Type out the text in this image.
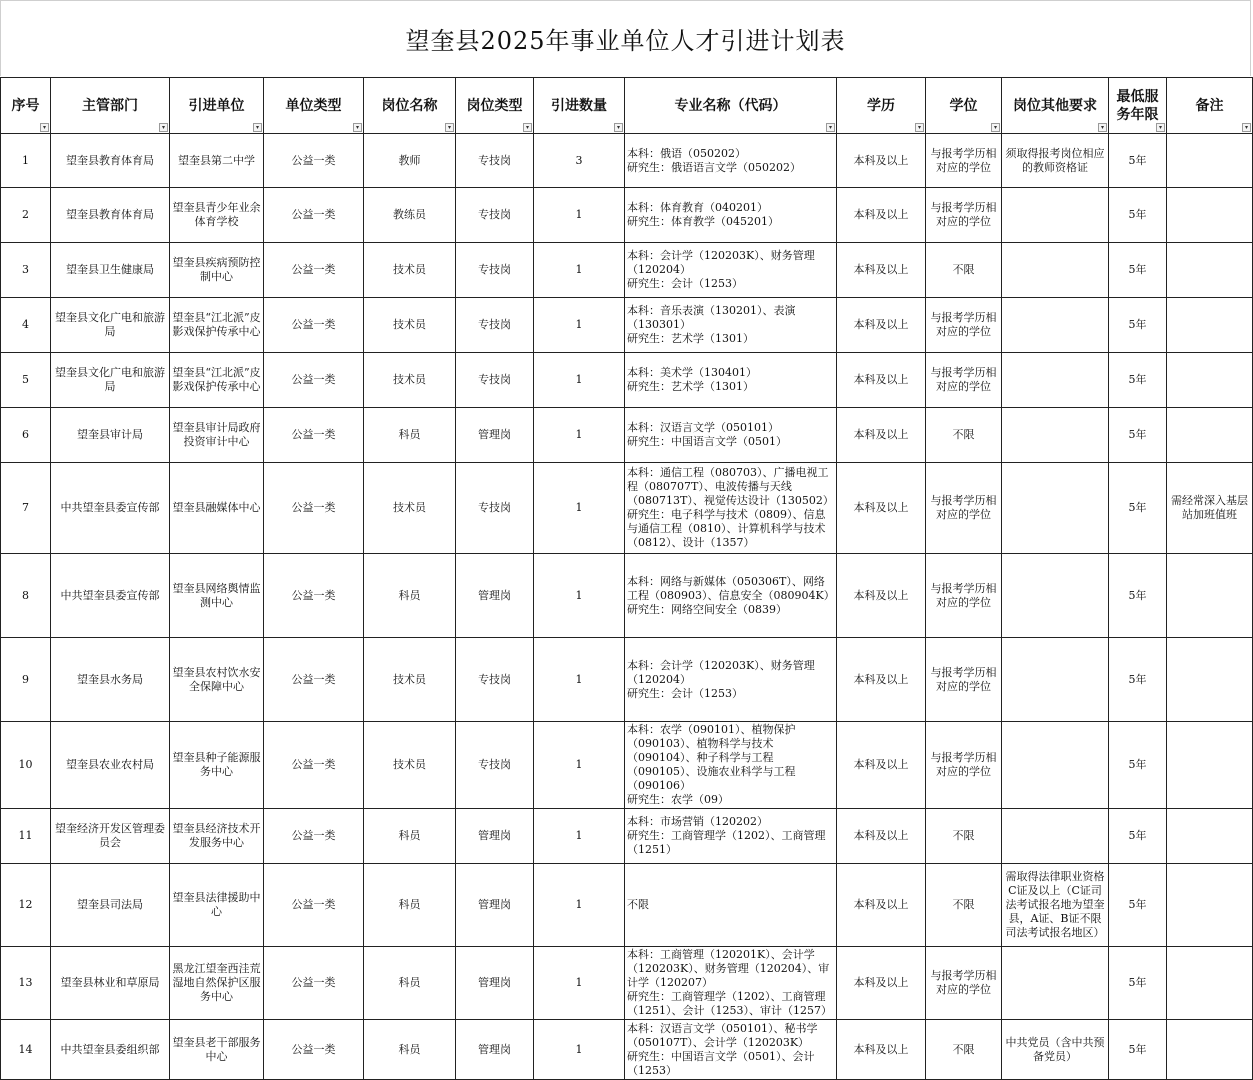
望奎县2025年事业单位人才引进计划表
序号
▾	主管部门
▾	引进单位
▾	单位类型
▾	岗位名称
▾	岗位类型
▾	引进数量
▾	专业名称（代码）
▾	学历
▾	学位
▾	岗位其他要求
▾	最低服务年限
▾	备注
▾

1	望奎县教育体育局	望奎县第二中学	公益一类	教师	专技岗	3	本科：俄语（050202）
研究生：俄语语言文学（050202）	本科及以上	与报考学历相对应的学位	须取得报考岗位相应的教师资格证	5年	
2	望奎县教育体育局	望奎县青少年业余体育学校	公益一类	教练员	专技岗	1	本科：体育教育（040201）
研究生：体育教学（045201）	本科及以上	与报考学历相对应的学位		5年	
3	望奎县卫生健康局	望奎县疾病预防控制中心	公益一类	技术员	专技岗	1	本科：会计学（120203K）、财务管理（120204）
研究生：会计（1253）	本科及以上	不限		5年	
4	望奎县文化广电和旅游局	望奎县“江北派”皮影戏保护传承中心	公益一类	技术员	专技岗	1	本科：音乐表演（130201）、表演（130301）
研究生：艺术学（1301）	本科及以上	与报考学历相对应的学位		5年	
5	望奎县文化广电和旅游局	望奎县“江北派”皮影戏保护传承中心	公益一类	技术员	专技岗	1	本科：美术学（130401）
研究生：艺术学（1301）	本科及以上	与报考学历相对应的学位		5年	
6	望奎县审计局	望奎县审计局政府投资审计中心	公益一类	科员	管理岗	1	本科：汉语言文学（050101）
研究生：中国语言文学（0501）	本科及以上	不限		5年	
7	中共望奎县委宣传部	望奎县融媒体中心	公益一类	技术员	专技岗	1	本科：通信工程（080703）、广播电视工程（080707T）、电波传播与天线（080713T）、视觉传达设计（130502）
研究生：电子科学与技术（0809）、信息与通信工程（0810）、计算机科学与技术（0812）、设计（1357）	本科及以上	与报考学历相对应的学位		5年	需经常深入基层站加班值班
8	中共望奎县委宣传部	望奎县网络舆情监测中心	公益一类	科员	管理岗	1	本科：网络与新媒体（050306T）、网络工程（080903）、信息安全（080904K）
研究生：网络空间安全（0839）	本科及以上	与报考学历相对应的学位		5年	
9	望奎县水务局	望奎县农村饮水安全保障中心	公益一类	技术员	专技岗	1	本科：会计学（120203K）、财务管理（120204）
研究生：会计（1253）	本科及以上	与报考学历相对应的学位		5年	
10	望奎县农业农村局	望奎县种子能源服务中心	公益一类	技术员	专技岗	1	本科：农学（090101）、植物保护（090103）、植物科学与技术（090104）、种子科学与工程（090105）、设施农业科学与工程（090106）
研究生：农学（09）	本科及以上	与报考学历相对应的学位		5年	
11	望奎经济开发区管理委员会	望奎县经济技术开发服务中心	公益一类	科员	管理岗	1	本科：市场营销（120202）
研究生：工商管理学（1202）、工商管理（1251）	本科及以上	不限		5年	
12	望奎县司法局	望奎县法律援助中心	公益一类	科员	管理岗	1	不限	本科及以上	不限	需取得法律职业资格C证及以上（C证司法考试报名地为望奎县，A证、B证不限司法考试报名地区）	5年	
13	望奎县林业和草原局	黑龙江望奎西洼荒湿地自然保护区服务中心	公益一类	科员	管理岗	1	本科：工商管理（120201K）、会计学（120203K）、财务管理（120204）、审计学（120207）
研究生：工商管理学（1202）、工商管理（1251）、会计（1253）、审计（1257）	本科及以上	与报考学历相对应的学位		5年	
14	中共望奎县委组织部	望奎县老干部服务中心	公益一类	科员	管理岗	1	本科：汉语言文学（050101）、秘书学（050107T）、会计学（120203K）
研究生：中国语言文学（0501）、会计（1253）	本科及以上	不限	中共党员（含中共预备党员）	5年	
